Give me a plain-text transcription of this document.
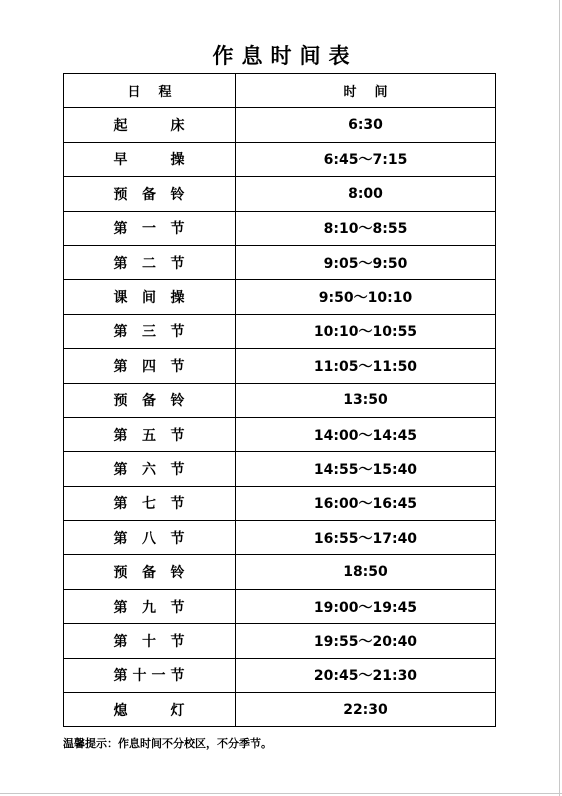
作息时间表
日程	时间
起床	6:30
早操	6:45～7:15
预备铃	8:00
第一节	8:10～8:55
第二节	9:05～9:50
课间操	9:50～10:10
第三节	10:10～10:55
第四节	11:05～11:50
预备铃	13:50
第五节	14:00～14:45
第六节	14:55～15:40
第七节	16:00～16:45
第八节	16:55～17:40
预备铃	18:50
第九节	19:00～19:45
第十节	19:55～20:40
第十一节	20:45～21:30
熄灯	22:30
温馨提示：作息时间不分校区，不分季节。
